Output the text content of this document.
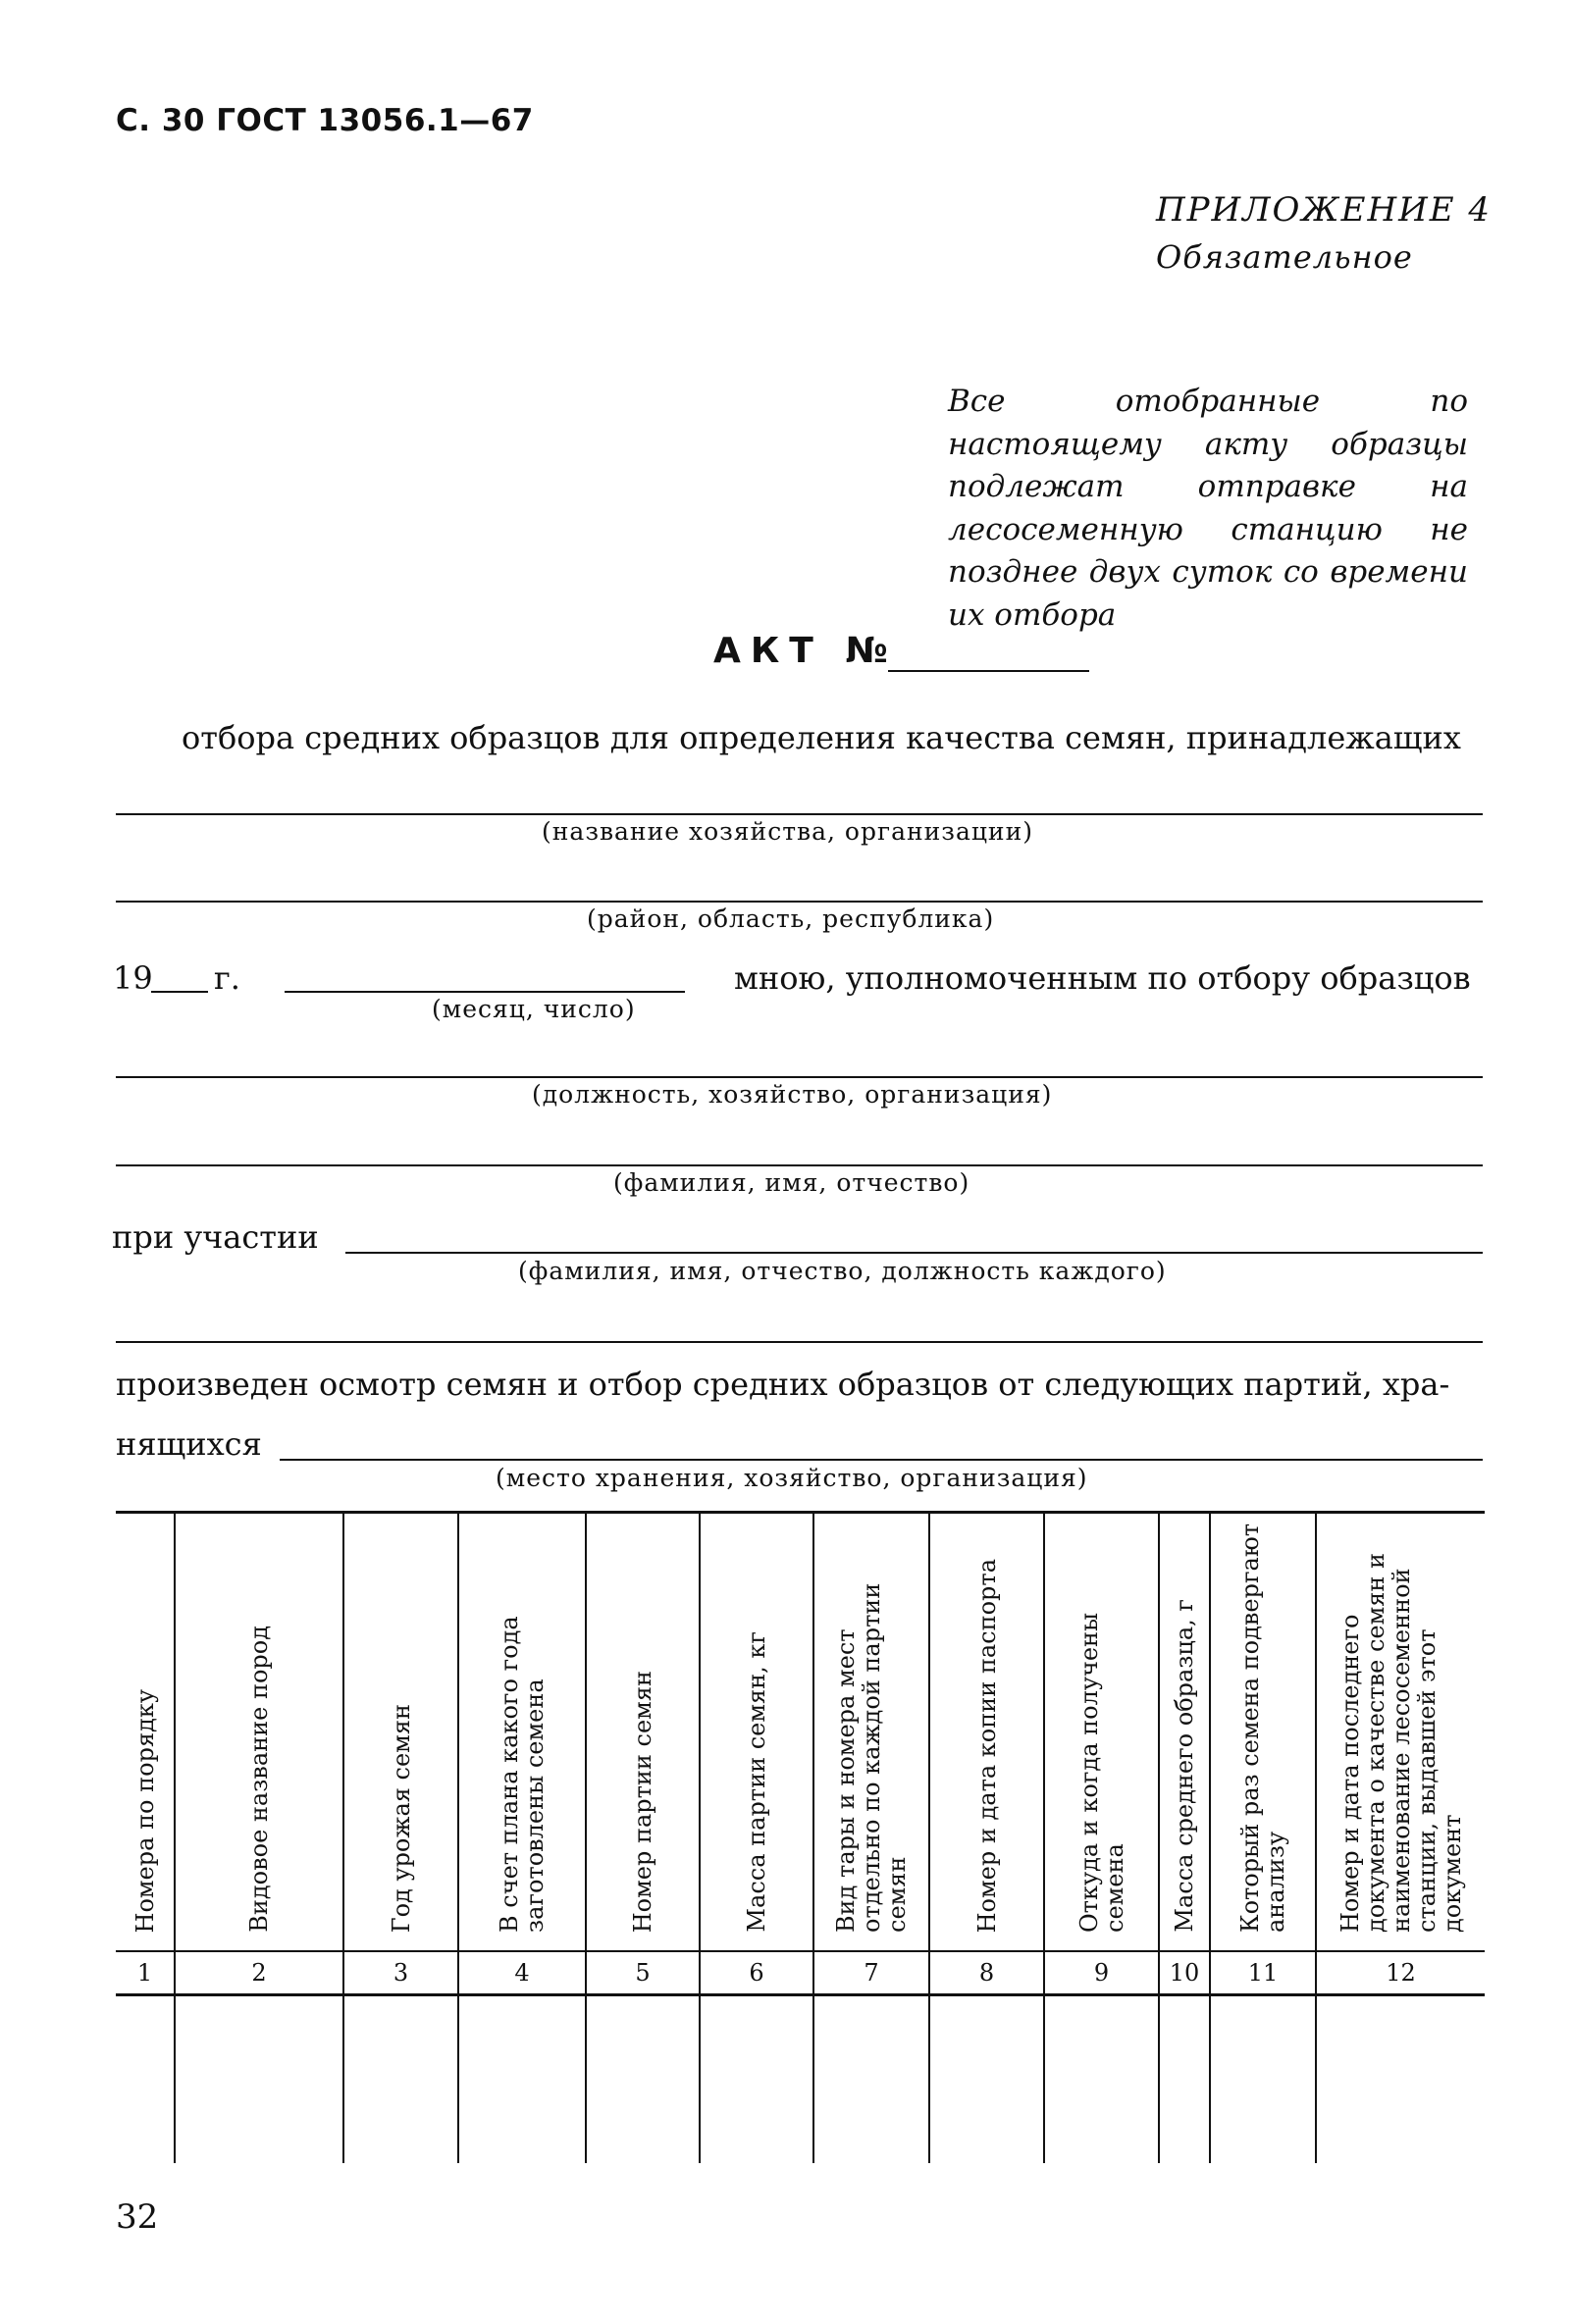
С. 30 ГОСТ 13056.1—67
ПРИЛОЖЕНИЕ 4
Обязательное
Все отобранные по настоящему акту образцы подлежат отправке на лесосеменную станцию не позднее двух суток со времени их отбора
АКТ №
отбора средних образцов для определения качества семян, принадлежащих
(название хозяйства, организации)
(район, область, республика)
19 г.
(месяц, число)
мною, уполномоченным по отбору образцов
(должность, хозяйство, организация)
(фамилия, имя, отчество)
при участии
(фамилия, имя, отчество, должность каждого)
произведен осмотр семян и отбор средних образцов от следующих партий, хра-
нящихся
(место хранения, хозяйство, организация)
Номера по порядку	Видовое название пород	Год урожая семян	В счет плана какого года заготовлены семена	Номер партии семян	Масса партии семян, кг	Вид тары и номера мест отдельно по каждой партии семян	Номер и дата копии паспорта	Откуда и когда получены семена	Масса среднего образца, г	Который раз семена подвергают анализу	Номер и дата последнего документа о качестве семян и наименование лесосеменной станции, выдавшей этот документ

1	2	3	4	5	6	7	8	9	10	11	12

32
